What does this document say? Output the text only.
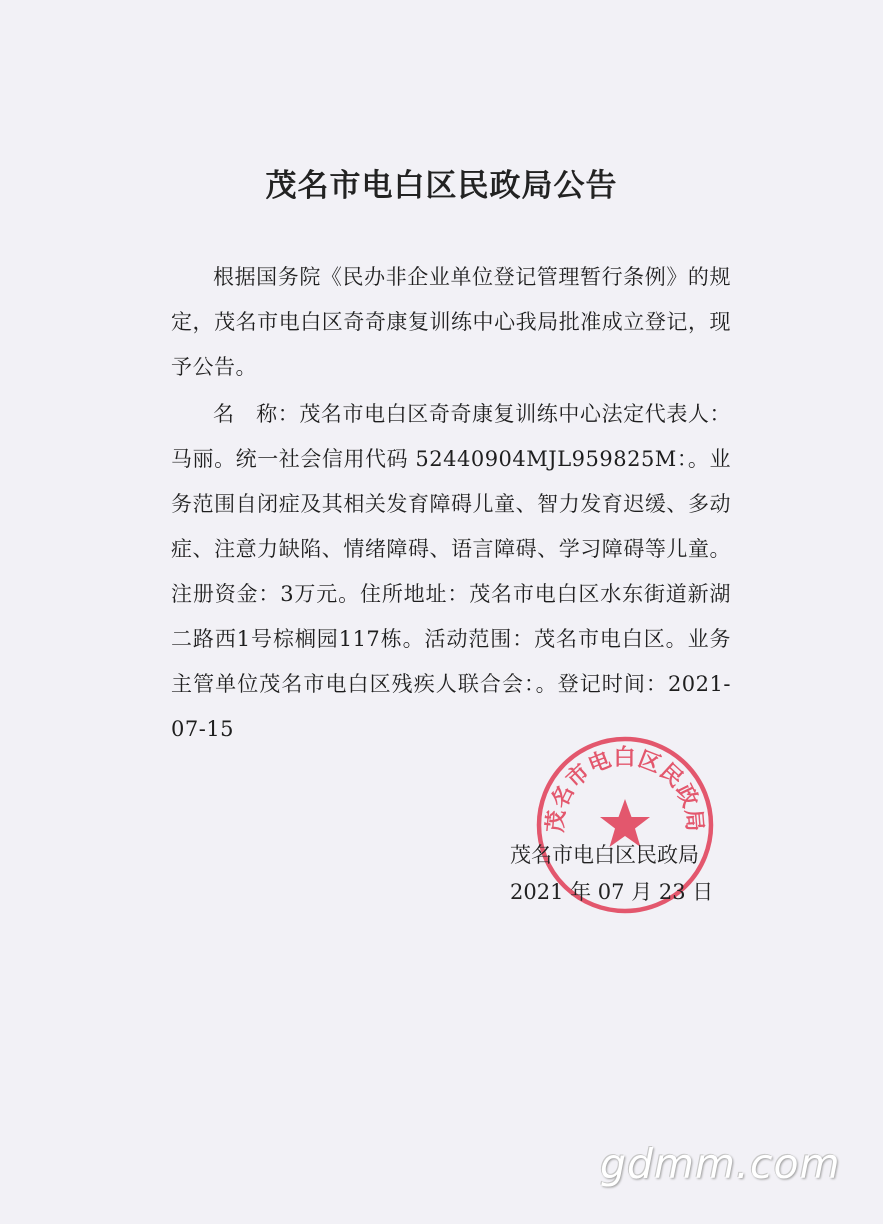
茂名市电白区民政局公告

根据国务院《民办非企业单位登记管理暂行条例》的规定，茂名市电白区奇奇康复训练中心我局批准成立登记，现予公告。

名　称：茂名市电白区奇奇康复训练中心法定代表人：马丽。统一社会信用代码 52440904MJL959825M：。业务范围自闭症及其相关发育障碍儿童、智力发育迟缓、多动症、注意力缺陷、情绪障碍、语言障碍、学习障碍等儿童。注册资金：3万元。住所地址：茂名市电白区水东街道新湖二路西1号棕榈园117栋。活动范围：茂名市电白区。业务主管单位茂名市电白区残疾人联合会：。登记时间：2021-07-15

茂名市电白区民政局
茂名市电白区民政局
2021 年 07 月 23 日
gdmm.com
